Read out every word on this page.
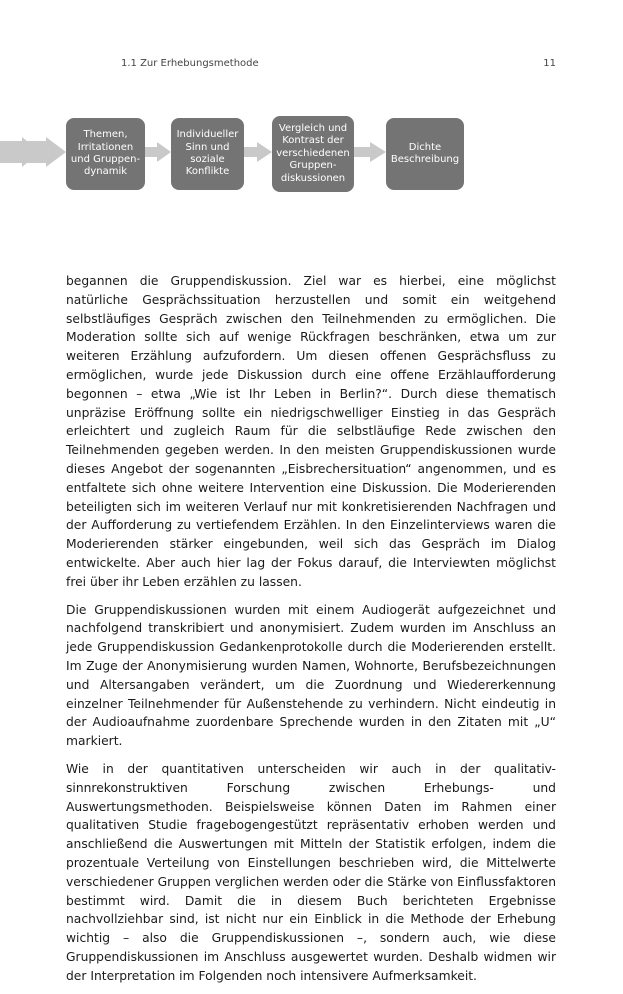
1.1 Zur Erhebungsmethode	11
Themen,
Irritationen
und Gruppen-
dynamik
Individueller
Sinn und
soziale
Konflikte
Vergleich und
Kontrast der
verschiedenen
Gruppen-
diskussionen
Dichte
Beschreibung

begannen die Gruppendiskussion. Ziel war es hierbei, eine möglichst natürliche Gesprächssituation herzustellen und somit ein weitgehend selbstläufiges Gespräch zwischen den Teilnehmenden zu ermöglichen. Die Moderation sollte sich auf wenige Rückfragen beschränken, etwa um zur weiteren Erzählung aufzufordern. Um diesen offenen Gesprächsfluss zu ermöglichen, wurde jede Diskussion durch eine offene Erzählaufforderung begonnen – etwa „Wie ist Ihr Leben in Berlin?“. Durch diese thematisch unpräzise Eröffnung sollte ein niedrigschwelliger Einstieg in das Gespräch erleichtert und zugleich Raum für die selbstläufige Rede zwischen den Teilnehmenden gegeben werden. In den meisten Gruppendiskussionen wurde dieses Angebot der sogenannten „Eisbrechersituation“ angenommen, und es entfaltete sich ohne weitere Intervention eine Diskussion. Die Moderierenden beteiligten sich im weiteren Verlauf nur mit konkretisierenden Nachfragen und der Aufforderung zu vertiefendem Erzählen. In den Einzelinterviews waren die Moderierenden stärker eingebunden, weil sich das Gespräch im Dialog entwickelte. Aber auch hier lag der Fokus darauf, die Interviewten möglichst frei über ihr Leben erzählen zu lassen.

Die Gruppendiskussionen wurden mit einem Audiogerät aufgezeichnet und nachfolgend transkribiert und anonymisiert. Zudem wurden im Anschluss an jede Gruppendiskussion Gedankenprotokolle durch die Moderierenden erstellt. Im Zuge der Anonymisierung wurden Namen, Wohnorte, Berufsbezeichnungen und Altersangaben verändert, um die Zuordnung und Wiedererkennung einzelner Teilnehmender für Außenstehende zu verhindern. Nicht eindeutig in der Audioaufnahme zuordenbare Sprechende wurden in den Zitaten mit „U“ markiert.

Wie in der quantitativen unterscheiden wir auch in der qualitativ-sinnrekonstruktiven Forschung zwischen Erhebungs- und Auswertungsmethoden. Beispielsweise können Daten im Rahmen einer qualitativen Studie fragebogengestützt repräsentativ erhoben werden und anschließend die Auswertungen mit Mitteln der Statistik erfolgen, indem die prozentuale Verteilung von Einstellungen beschrieben wird, die Mittelwerte verschiedener Gruppen verglichen werden oder die Stärke von Einflussfaktoren bestimmt wird. Damit die in diesem Buch berichteten Ergebnisse nachvollziehbar sind, ist nicht nur ein Einblick in die Methode der Erhebung wichtig – also die Gruppendiskussionen –, sondern auch, wie diese Gruppendiskussionen im Anschluss ausgewertet wurden. Deshalb widmen wir der Interpretation im Folgenden noch intensivere Aufmerksamkeit.
